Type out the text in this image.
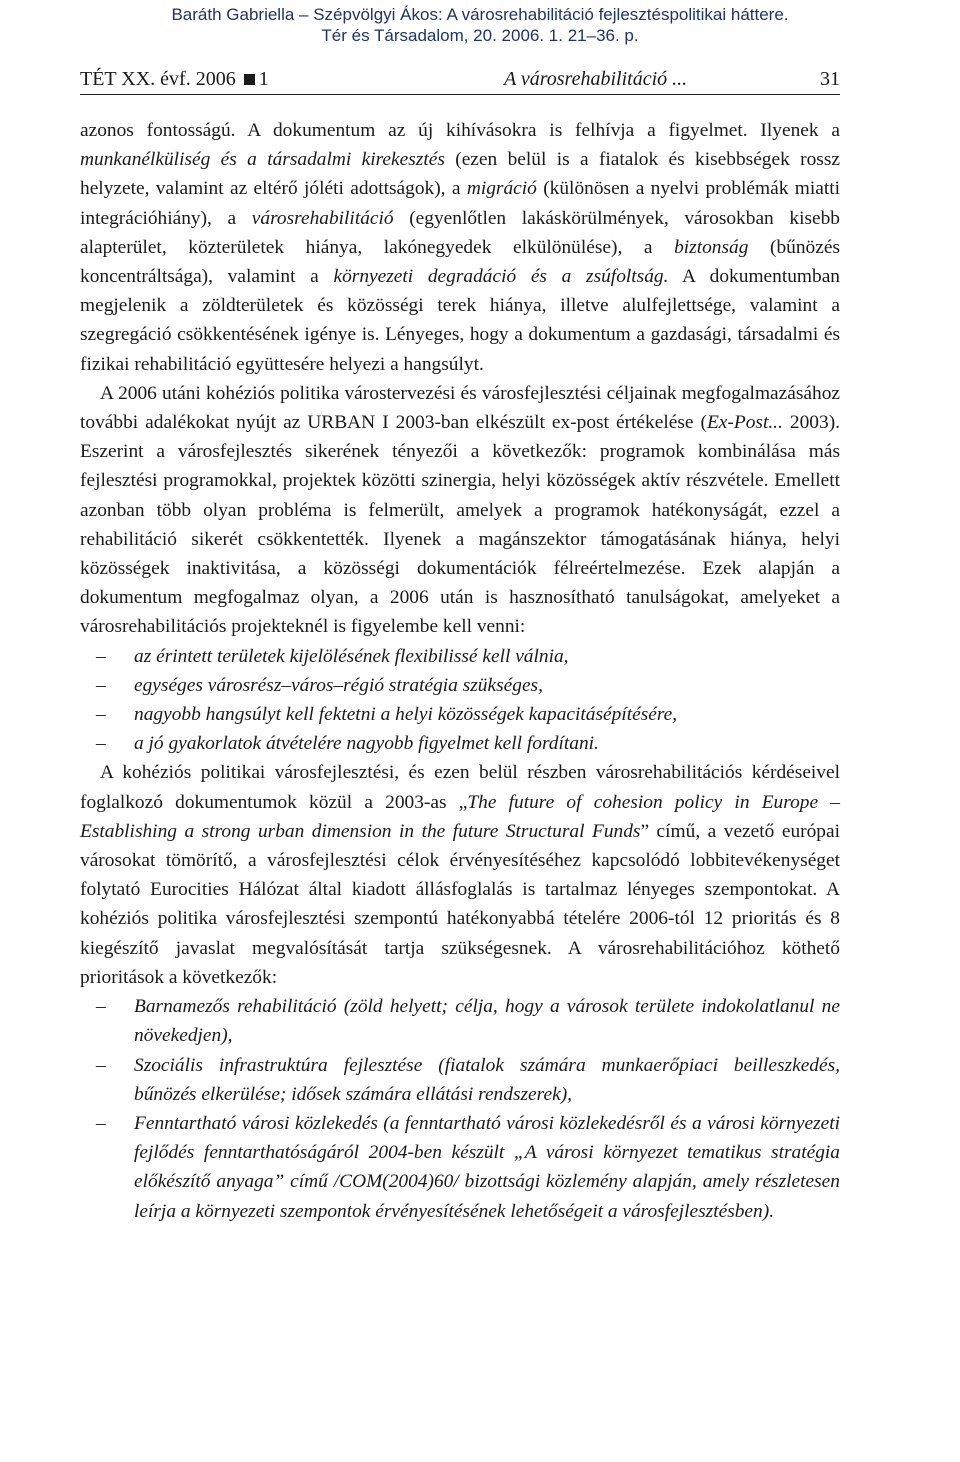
Baráth Gabriella – Szépvölgyi Ákos: A városrehabilitáció fejlesztéspolitikai háttere.
Tér és Társadalom, 20. 2006. 1. 21–36. p.
TÉT XX. évf. 2006 1	A városrehabilitáció ...	31

azonos fontosságú. A dokumentum az új kihívásokra is felhívja a figyelmet. Ilyenek a munkanélküliség és a társadalmi kirekesztés (ezen belül is a fiatalok és kisebbségek rossz helyzete, valamint az eltérő jóléti adottságok), a migráció (különösen a nyelvi problémák miatti integrációhiány), a városrehabilitáció (egyenlőtlen lakáskörülmények, városokban kisebb alapterület, közterületek hiánya, lakónegyedek elkülönülése), a biztonság (bűnözés koncentráltsága), valamint a környezeti degradáció és a zsúfoltság. A dokumentumban megjelenik a zöldterületek és közösségi terek hiánya, illetve alulfejlettsége, valamint a szegregáció csökkentésének igénye is. Lényeges, hogy a dokumentum a gazdasági, társadalmi és fizikai rehabilitáció együttesére helyezi a hangsúlyt.

A 2006 utáni kohéziós politika várostervezési és városfejlesztési céljainak megfogalmazásához további adalékokat nyújt az URBAN I 2003-ban elkészült ex-post értékelése (Ex-Post... 2003). Eszerint a városfejlesztés sikerének tényezői a következők: programok kombinálása más fejlesztési programokkal, projektek közötti szinergia, helyi közösségek aktív részvétele. Emellett azonban több olyan probléma is felmerült, amelyek a programok hatékonyságát, ezzel a rehabilitáció sikerét csökkentették. Ilyenek a magánszektor támogatásának hiánya, helyi közösségek inaktivitása, a közösségi dokumentációk félreértelmezése. Ezek alapján a dokumentum megfogalmaz olyan, a 2006 után is hasznosítható tanulságokat, amelyeket a városrehabilitációs projekteknél is figyelembe kell venni:

– az érintett területek kijelölésének flexibilissé kell válnia,
– egységes városrész–város–régió stratégia szükséges,
– nagyobb hangsúlyt kell fektetni a helyi közösségek kapacitásépítésére,
– a jó gyakorlatok átvételére nagyobb figyelmet kell fordítani.

A kohéziós politikai városfejlesztési, és ezen belül részben városrehabilitációs kérdéseivel foglalkozó dokumentumok közül a 2003-as „The future of cohesion policy in Europe – Establishing a strong urban dimension in the future Structural Funds” című, a vezető európai városokat tömörítő, a városfejlesztési célok érvényesítéséhez kapcsolódó lobbitevékenységet folytató Eurocities Hálózat által kiadott állásfoglalás is tartalmaz lényeges szempontokat. A kohéziós politika városfejlesztési szempontú hatékonyabbá tételére 2006-tól 12 prioritás és 8 kiegészítő javaslat megvalósítását tartja szükségesnek. A városrehabilitációhoz köthető prioritások a következők:

– Barnamezős rehabilitáció (zöld helyett; célja, hogy a városok területe indokolatlanul ne növekedjen),
– Szociális infrastruktúra fejlesztése (fiatalok számára munkaerőpiaci beilleszkedés, bűnözés elkerülése; idősek számára ellátási rendszerek),
– Fenntartható városi közlekedés (a fenntartható városi közlekedésről és a városi környezeti fejlődés fenntarthatóságáról 2004-ben készült „A városi környezet tematikus stratégia előkészítő anyaga” című /COM(2004)60/ bizottsági közlemény alapján, amely részletesen leírja a környezeti szempontok érvényesítésének lehetőségeit a városfejlesztésben).
